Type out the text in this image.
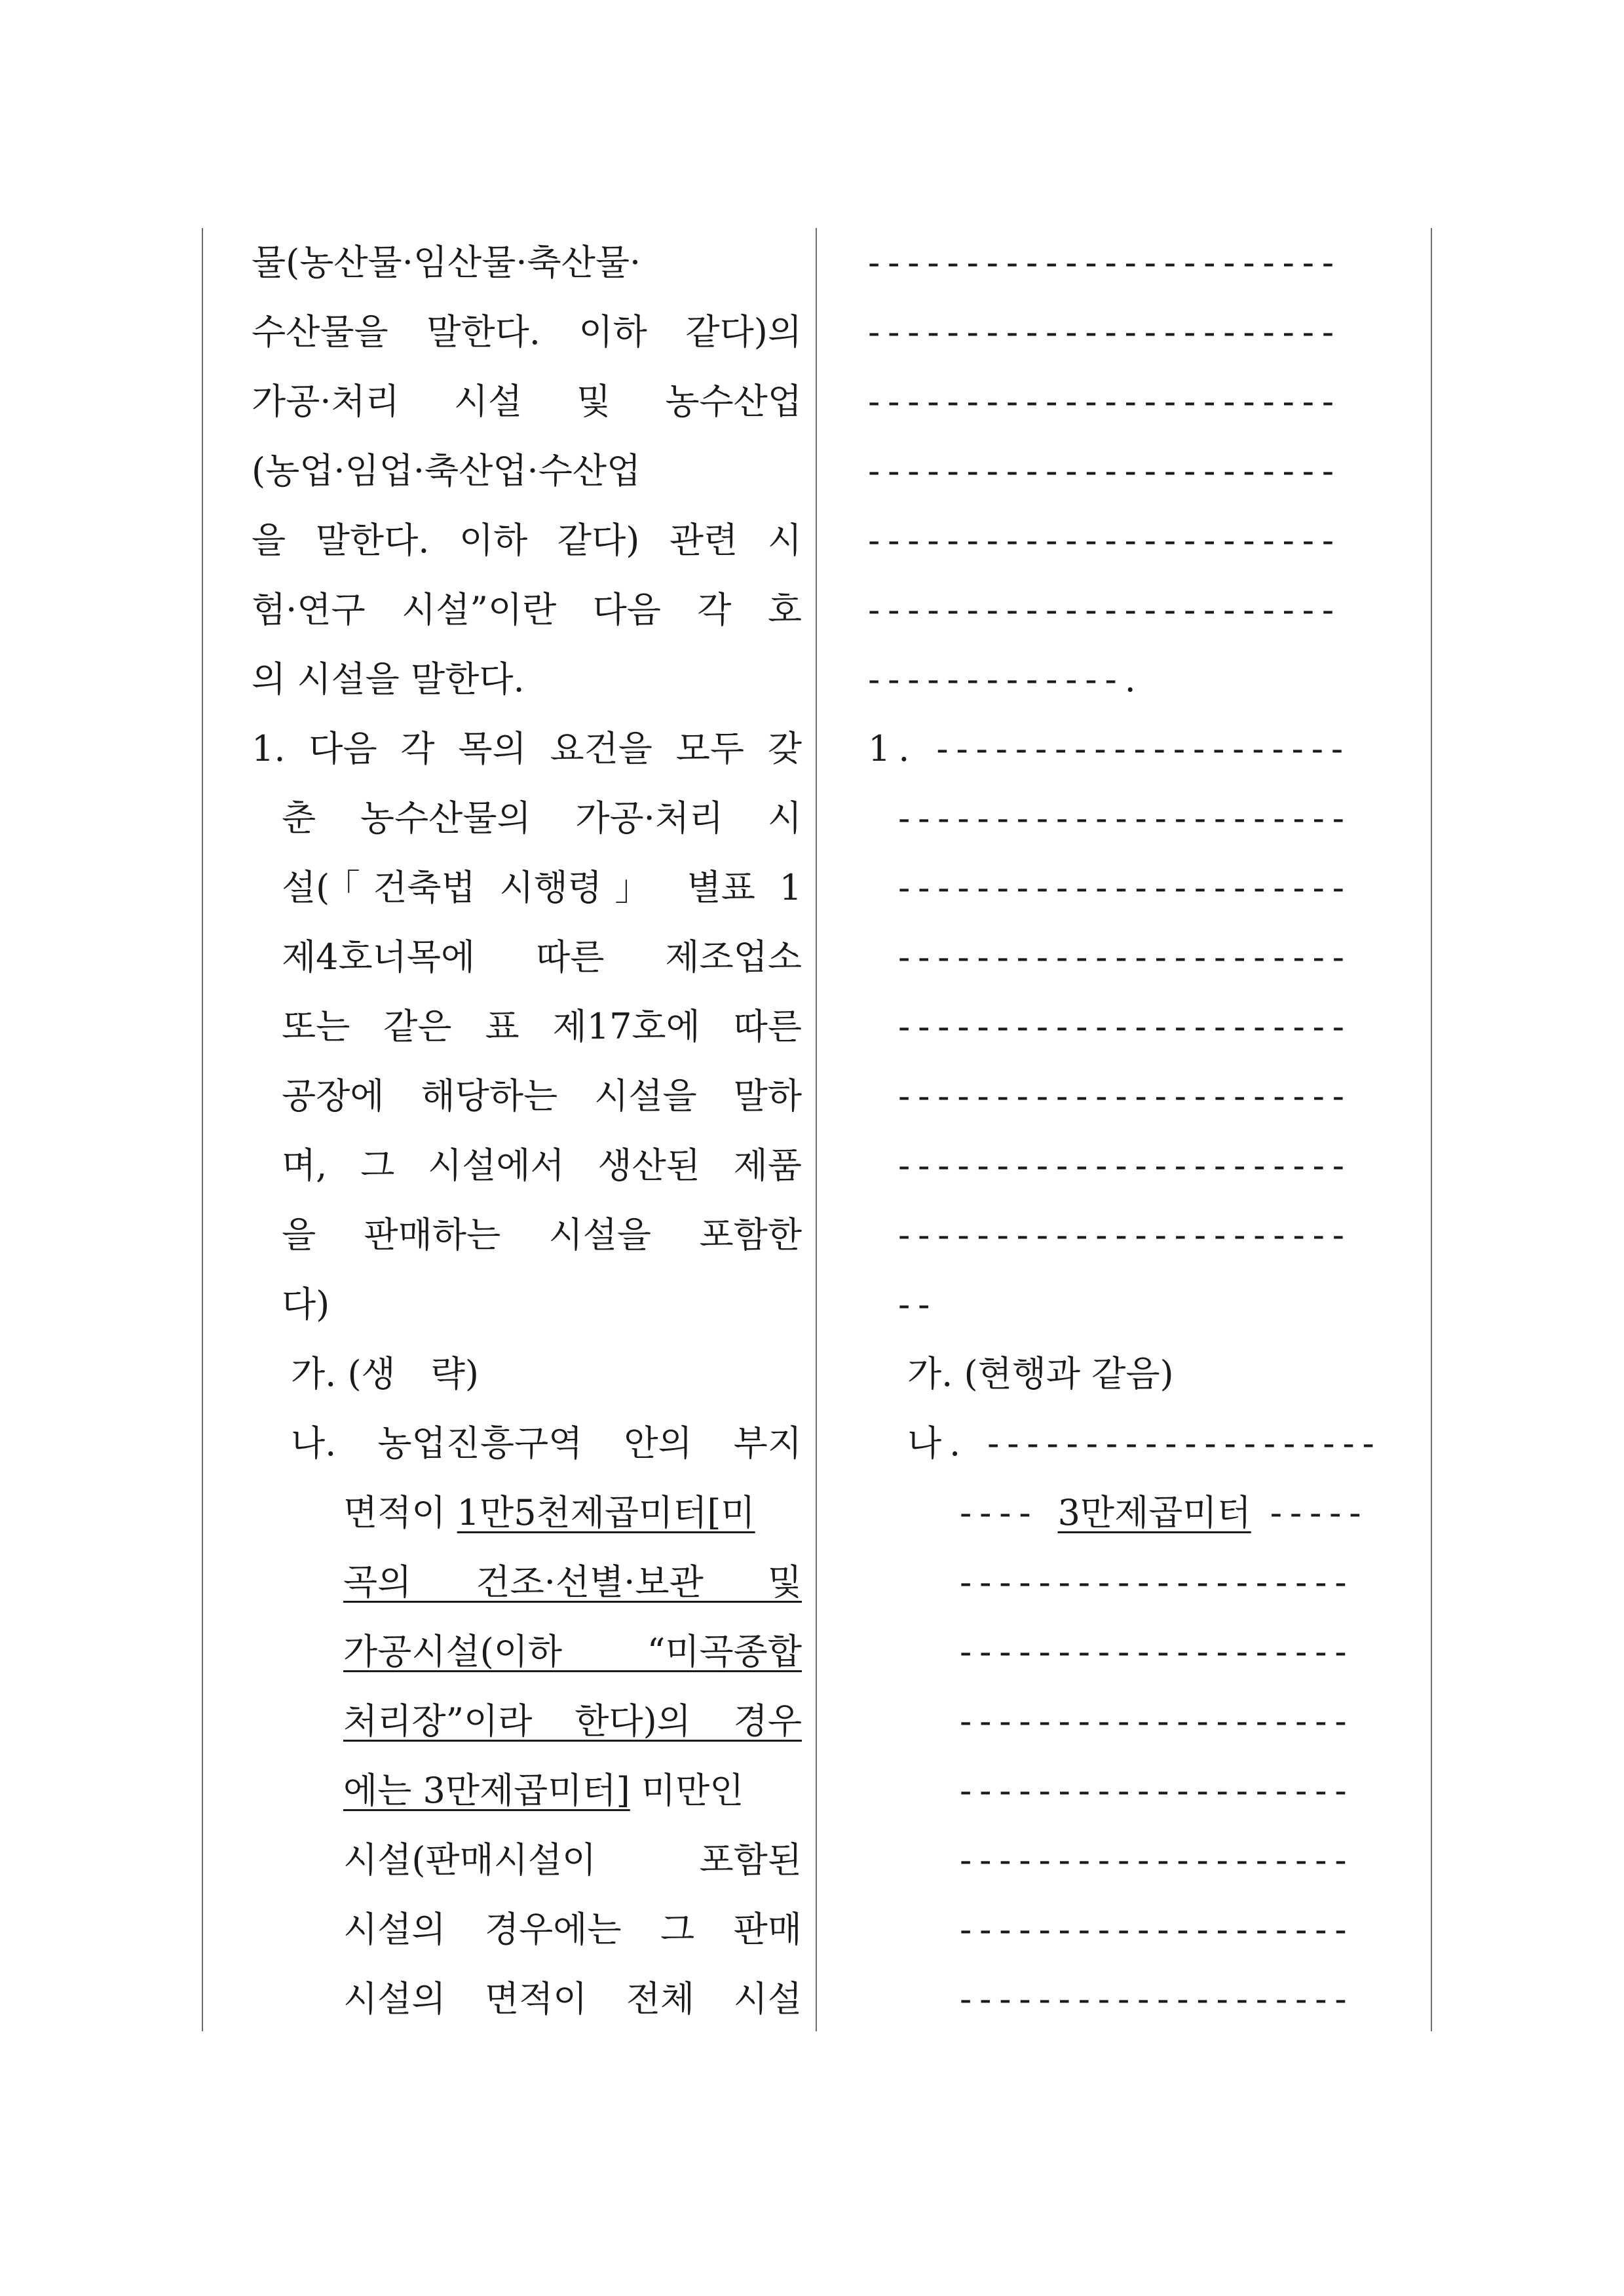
물(농산물·임산물·축산물·
수산물을 말한다. 이하 같다)의
가공·처리 시설 및 농수산업
(농업·임업·축산업·수산업
을 말한다. 이하 같다) 관련 시
험·연구 시설”이란 다음 각 호
의 시설을 말한다.
1. 다음 각 목의 요건을 모두 갖
춘 농수산물의 가공·처리 시
설(「건축법 시행령」 별표 1
제4호너목에 따른 제조업소
또는 같은 표 제17호에 따른
공장에 해당하는 시설을 말하
며, 그 시설에서 생산된 제품
을 판매하는 시설을 포함한
다)
가. (생　략)
나. 농업진흥구역 안의 부지
면적이 1만5천제곱미터[미
곡의 건조·선별·보관 및
가공시설(이하 “미곡종합
처리장”이라 한다)의 경우
에는 3만제곱미터] 미만인
시설(판매시설이 포함된
시설의 경우에는 그 판매
시설의 면적이 전체 시설
------------------------
------------------------
------------------------
------------------------
------------------------
------------------------
-------------.
1. ---------------------
-----------------------
-----------------------
-----------------------
-----------------------
-----------------------
-----------------------
-----------------------
--
가. (현행과 같음)
나. --------------------
---- 3만제곱미터 -----
--------------------
--------------------
--------------------
--------------------
--------------------
--------------------
--------------------
